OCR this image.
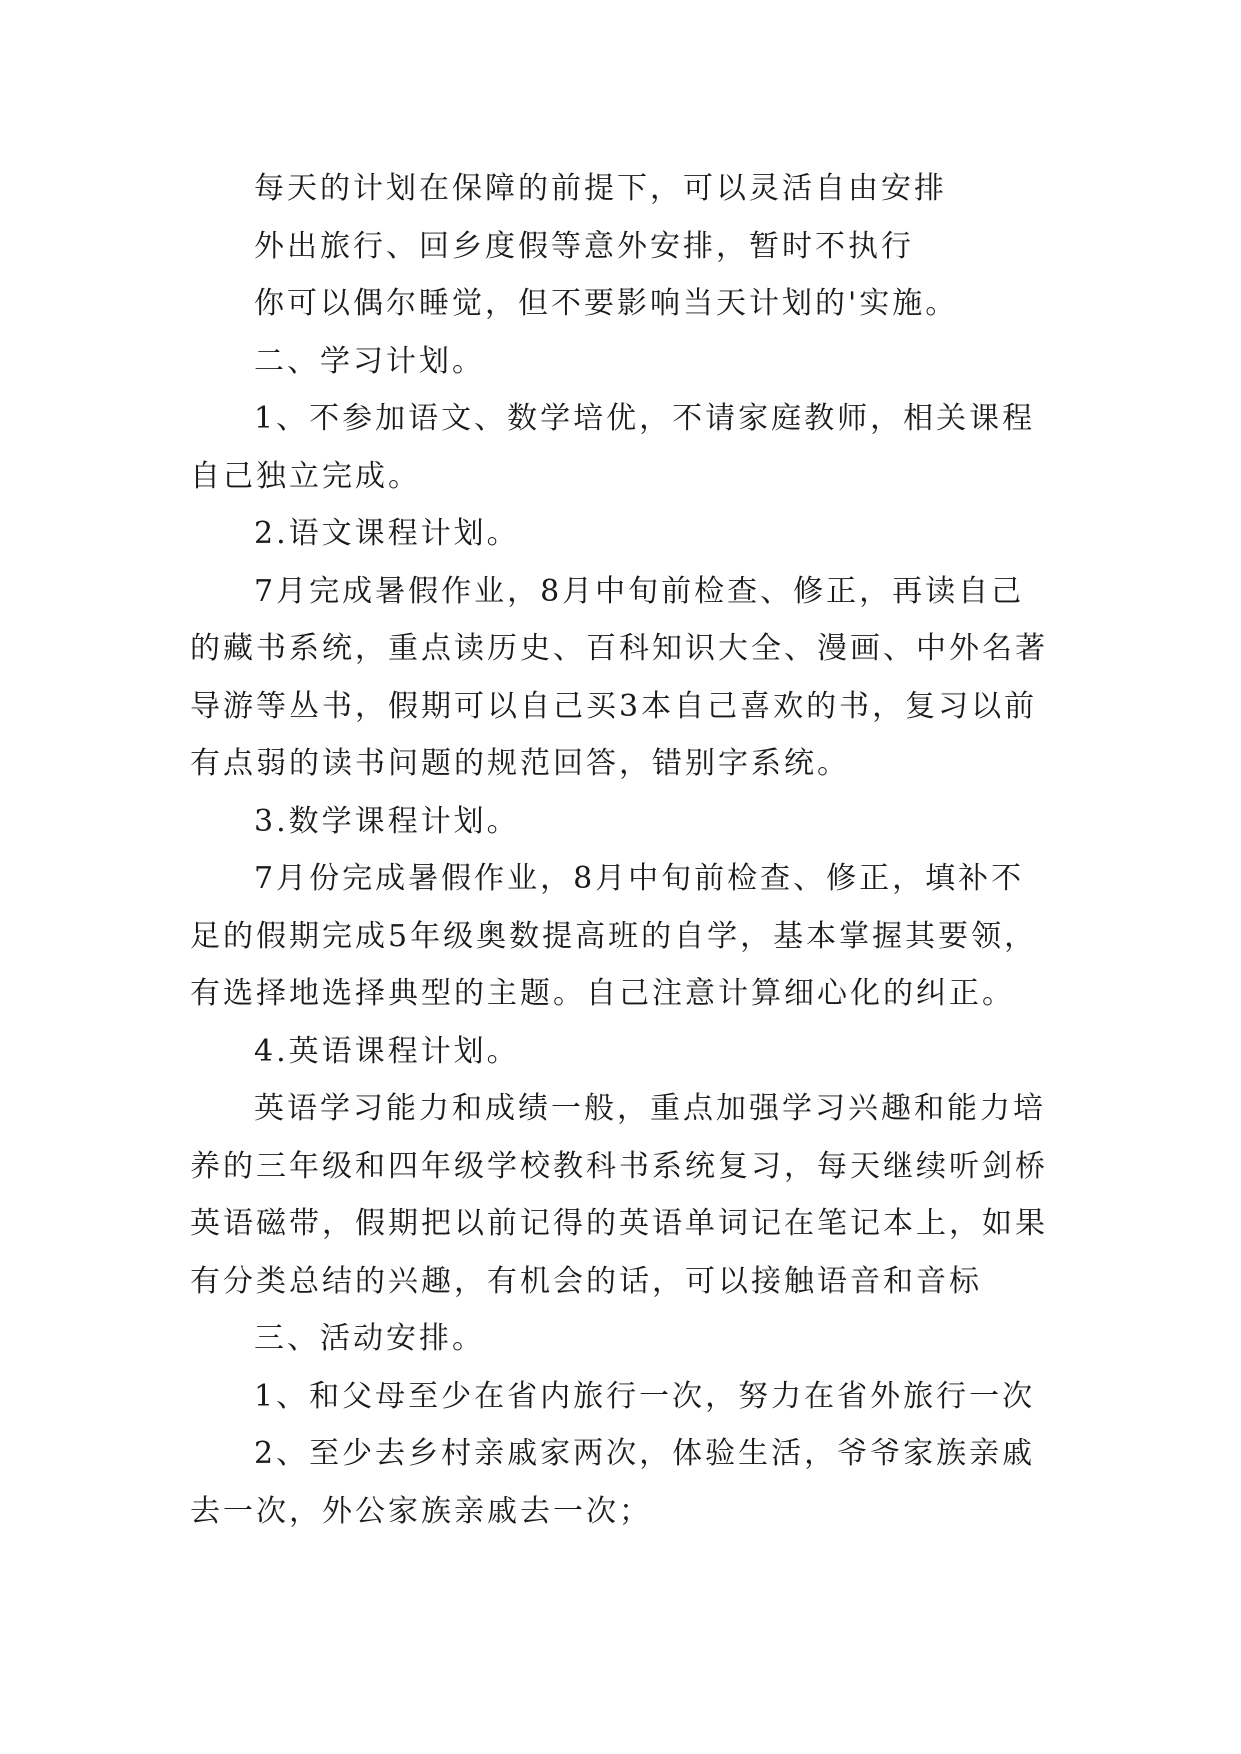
每天的计划在保障的前提下，可以灵活自由安排

外出旅行、回乡度假等意外安排，暂时不执行

你可以偶尔睡觉，但不要影响当天计划的'实施。

二、学习计划。

1、不参加语文、数学培优，不请家庭教师，相关课程
自己独立完成。

2.语文课程计划。

7月完成暑假作业，8月中旬前检查、修正，再读自己
的藏书系统，重点读历史、百科知识大全、漫画、中外名著
导游等丛书，假期可以自己买3本自己喜欢的书，复习以前
有点弱的读书问题的规范回答，错别字系统。

3.数学课程计划。

7月份完成暑假作业，8月中旬前检查、修正，填补不
足的假期完成5年级奥数提高班的自学，基本掌握其要领，
有选择地选择典型的主题。自己注意计算细心化的纠正。

4.英语课程计划。

英语学习能力和成绩一般，重点加强学习兴趣和能力培
养的三年级和四年级学校教科书系统复习，每天继续听剑桥
英语磁带，假期把以前记得的英语单词记在笔记本上，如果
有分类总结的兴趣，有机会的话，可以接触语音和音标

三、活动安排。

1、和父母至少在省内旅行一次，努力在省外旅行一次

2、至少去乡村亲戚家两次，体验生活，爷爷家族亲戚
去一次，外公家族亲戚去一次；
